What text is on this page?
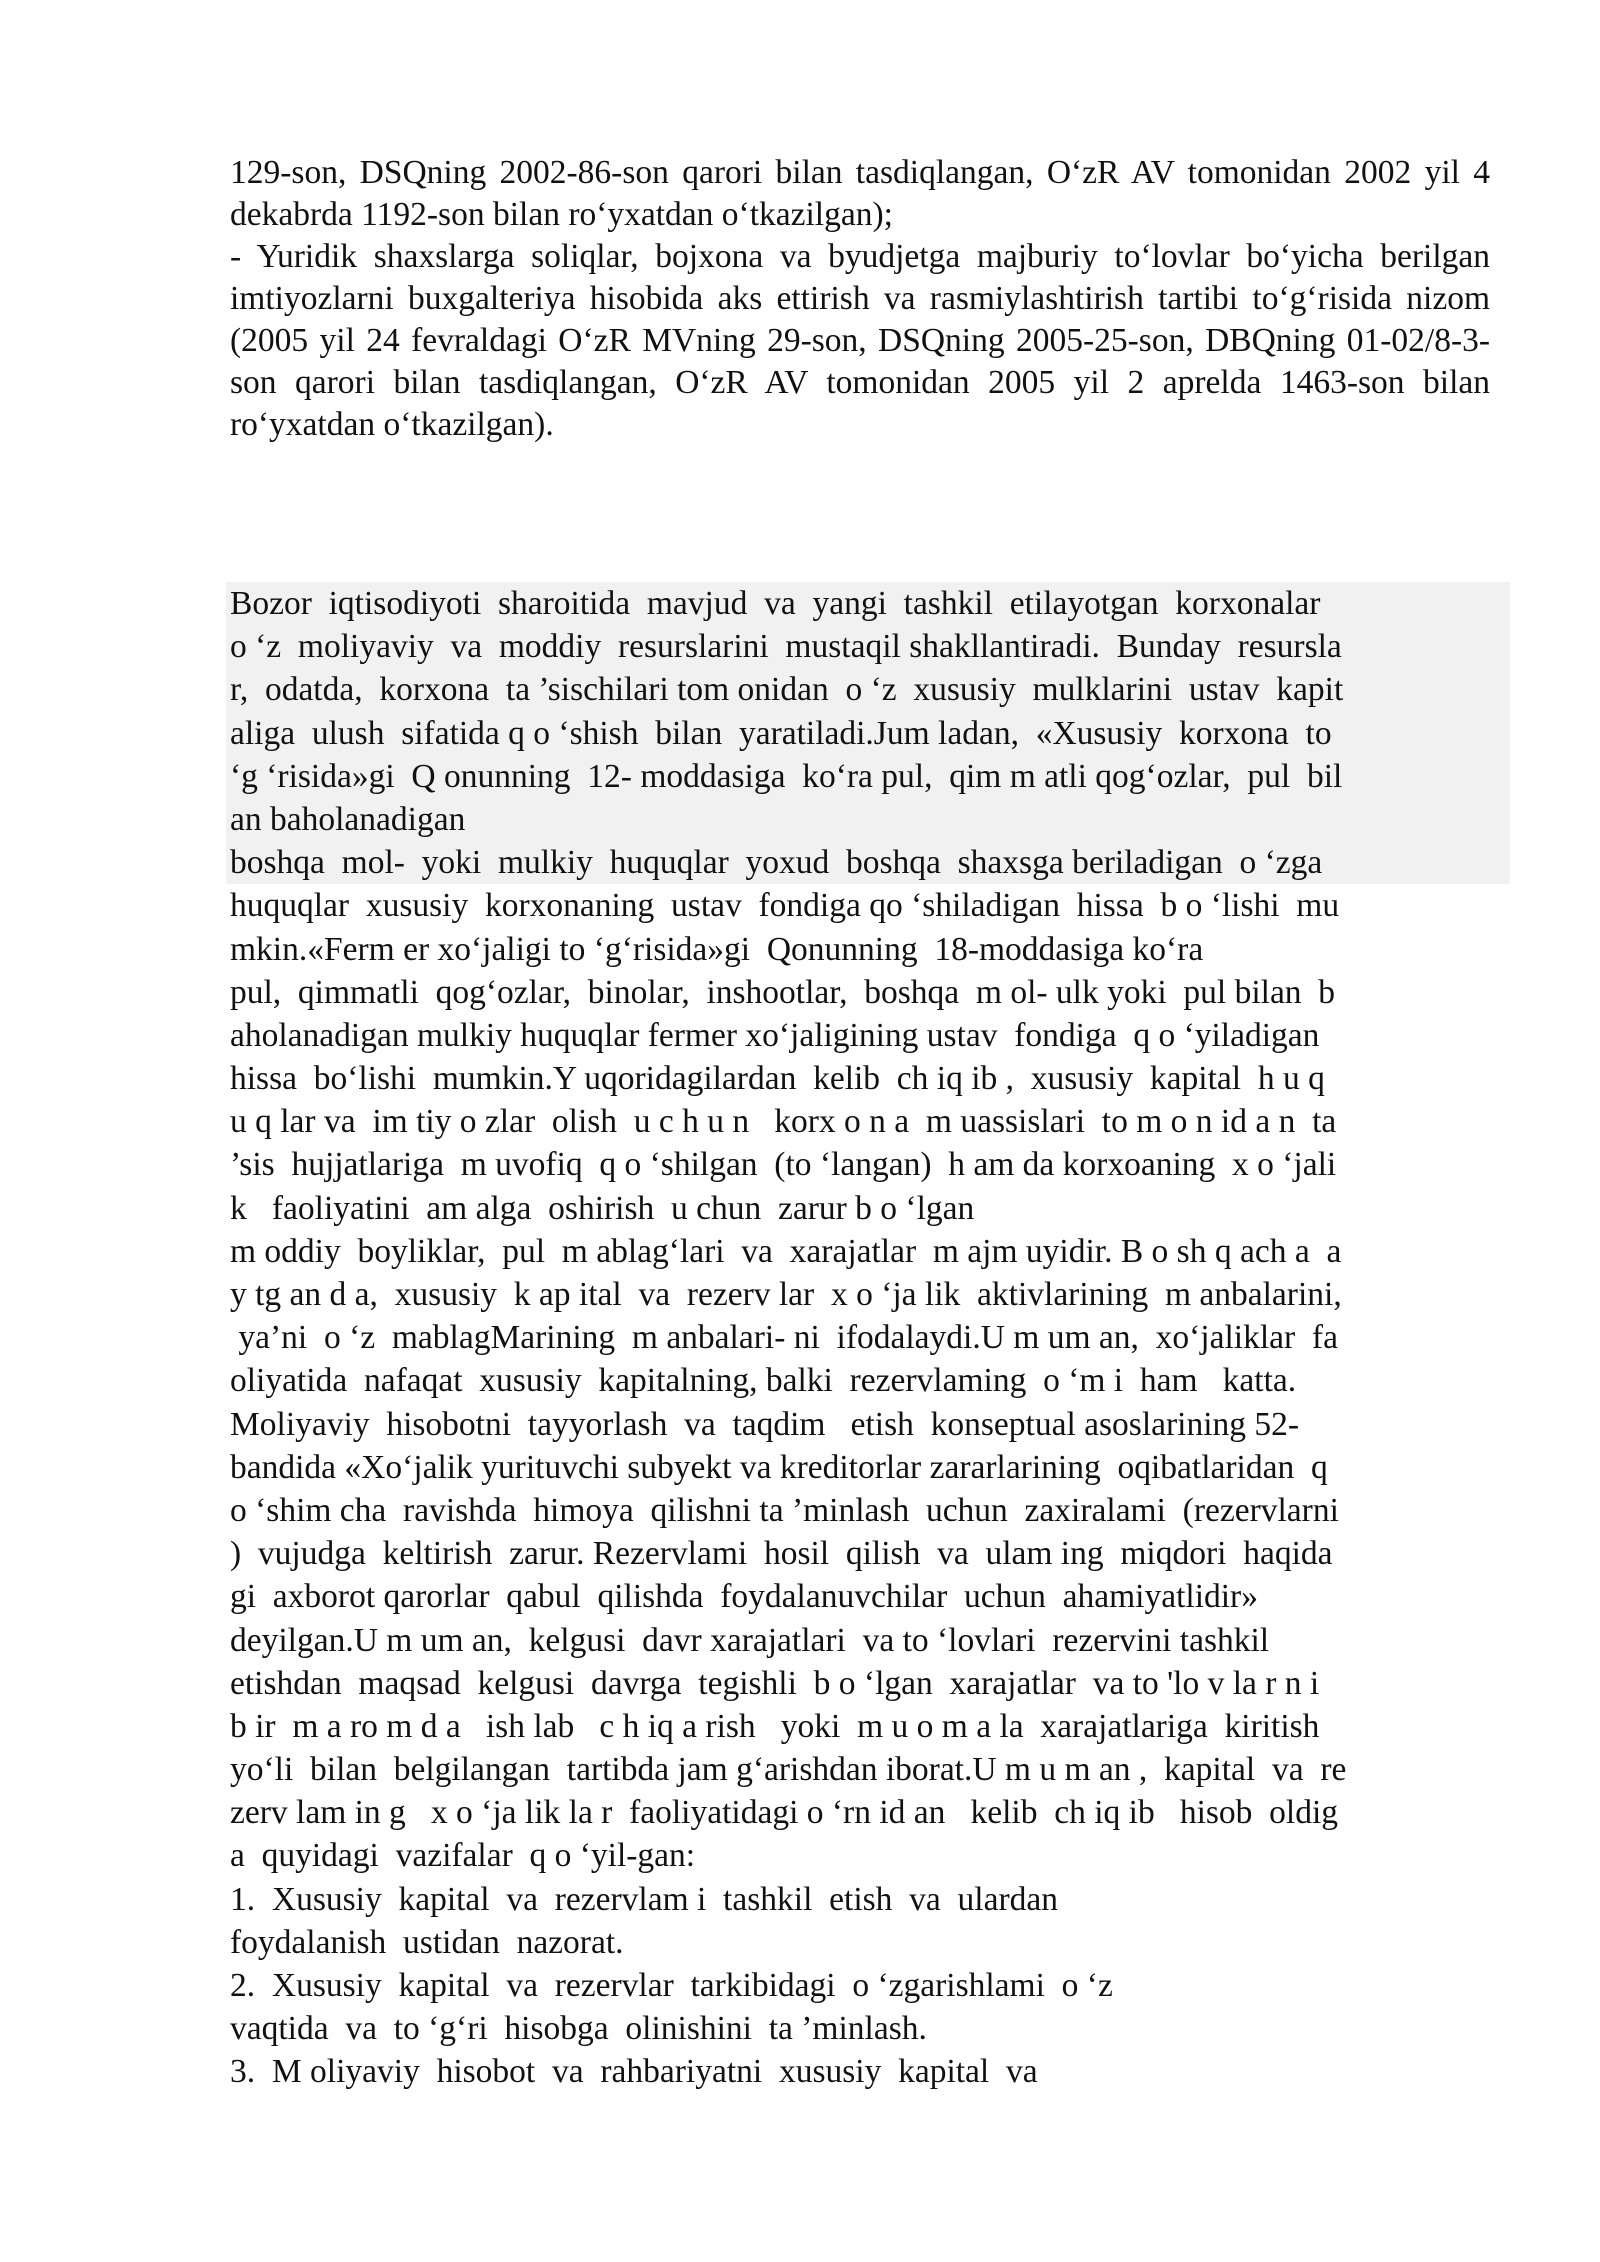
129-son, DSQning 2002-86-son qarori bilan tasdiqlangan, O‘zR AV tomonidan 2002 yil 4 dekabrda 1192-son bilan ro‘yxatdan o‘tkazilgan);

- Yuridik shaxslarga soliqlar, bojxona va byudjetga majburiy to‘lovlar bo‘yicha berilgan imtiyozlarni buxgalteriya hisobida aks ettirish va rasmiylashtirish tartibi to‘g‘risida nizom (2005 yil 24 fevraldagi O‘zR MVning 29-son, DSQning 2005-25-son, DBQning 01-02/8-3-son qarori bilan tasdiqlangan, O‘zR AV tomonidan 2005 yil 2 aprelda 1463-son bilan ro‘yxatdan o‘tkazilgan).

Bozor  iqtisodiyoti  sharoitida  mavjud  va  yangi  tashkil  etilayotgan  korxonalar
o ‘z  moliyaviy  va  moddiy  resurslarini  mustaqil shakllantiradi.  Bunday  resursla
r,  odatda,  korxona  ta ’sischilari tom onidan  o ‘z  xususiy  mulklarini  ustav  kapit
aliga  ulush  sifatida q o ‘shish  bilan  yaratiladi.Jum ladan,  «Xususiy  korxona  to
‘g ‘risida»gi  Q onunning  12- moddasiga  ko‘ra pul,  qim m atli qog‘ozlar,  pul  bil
an baholanadigan
boshqa  mol-  yoki  mulkiy  huquqlar  yoxud  boshqa  shaxsga beriladigan  o ‘zga
huquqlar  xususiy  korxonaning  ustav  fondiga qo ‘shiladigan  hissa  b o ‘lishi  mu
mkin.«Ferm er xo‘jaligi to ‘g‘risida»gi  Qonunning  18-moddasiga ko‘ra
pul,  qimmatli  qog‘ozlar,  binolar,  inshootlar,  boshqa  m ol- ulk yoki  pul bilan  b
aholanadigan mulkiy huquqlar fermer xo‘jaligining ustav  fondiga  q o ‘yiladigan
hissa  bo‘lishi  mumkin.Y uqoridagilardan  kelib  ch iq ib ,  xususiy  kapital  h u q
u q lar va  im tiy o zlar  olish  u c h u n   korx o n a  m uassislari  to m o n id a n  ta
’sis  hujjatlariga  m uvofiq  q o ‘shilgan  (to ‘langan)  h am da korxoaning  x o ‘jali
k   faoliyatini  am alga  oshirish  u chun  zarur b o ‘lgan
m oddiy  boyliklar,  pul  m ablag‘lari  va  xarajatlar  m ajm uyidir. B o sh q ach a  a
y tg an d a,  xususiy  k ap ital  va  rezerv lar  x o ‘ja lik  aktivlarining  m anbalarini,
ya’ni  o ‘z  mablagMarining  m anbalari- ni  ifodalaydi.U m um an,  xo‘jaliklar  fa
oliyatida  nafaqat  xususiy  kapitalning, balki  rezervlaming  o ‘m i  ham   katta.
Moliyaviy  hisobotni  tayyorlash  va  taqdim   etish  konseptual asoslarining 52-
bandida «Xo‘jalik yurituvchi subyekt va kreditorlar zararlarining  oqibatlaridan  q
o ‘shim cha  ravishda  himoya  qilishni ta ’minlash  uchun  zaxiralami  (rezervlarni
)  vujudga  keltirish  zarur. Rezervlami  hosil  qilish  va  ulam ing  miqdori  haqida
gi  axborot qarorlar  qabul  qilishda  foydalanuvchilar  uchun  ahamiyatlidir»
deyilgan.U m um an,  kelgusi  davr xarajatlari  va to ‘lovlari  rezervini tashkil
etishdan  maqsad  kelgusi  davrga  tegishli  b o ‘lgan  xarajatlar  va to 'lo v la r n i
b ir  m a ro m d a   ish lab   c h iq a rish   yoki  m u o m a la  xarajatlariga  kiritish
yo‘li  bilan  belgilangan  tartibda jam g‘arishdan iborat.U m u m an ,  kapital  va  re
zerv lam in g   x o ‘ja lik la r  faoliyatidagi o ‘rn id an   kelib  ch iq ib   hisob  oldig
a  quyidagi  vazifalar  q o ‘yil-gan:
1.  Xususiy  kapital  va  rezervlam i  tashkil  etish  va  ulardan
foydalanish  ustidan  nazorat.
2.  Xususiy  kapital  va  rezervlar  tarkibidagi  o ‘zgarishlami  o ‘z
vaqtida  va  to ‘g‘ri  hisobga  olinishini  ta ’minlash.
3.  M oliyaviy  hisobot  va  rahbariyatni  xususiy  kapital  va
